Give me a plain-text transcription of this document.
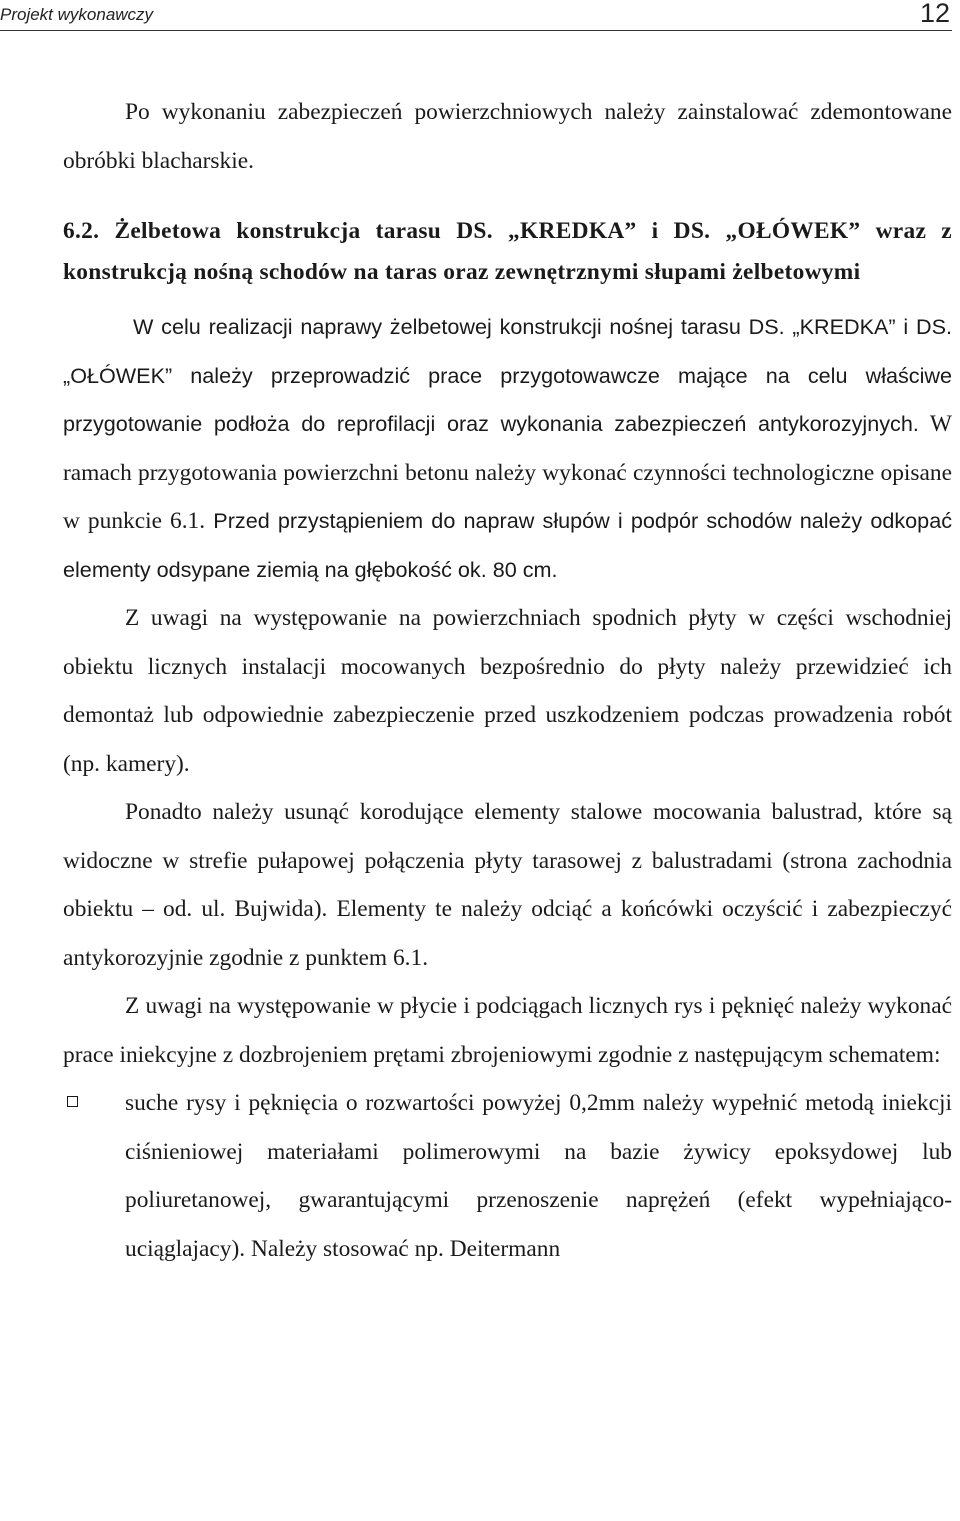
Projekt wykonawczy	12

Po wykonaniu zabezpieczeń powierzchniowych należy zainstalować zdemontowane obróbki blacharskie.

6.2. Żelbetowa konstrukcja tarasu DS. „KREDKA” i DS. „OŁÓWEK” wraz z konstrukcją nośną schodów na taras oraz zewnętrznymi słupami żelbetowymi

W celu realizacji naprawy żelbetowej konstrukcji nośnej tarasu DS. „KREDKA” i DS. „OŁÓWEK” należy przeprowadzić prace przygotowawcze mające na celu właściwe przygotowanie podłoża do reprofilacji oraz wykonania zabezpieczeń antykorozyjnych. W ramach przygotowania powierzchni betonu należy wykonać czynności technologiczne opisane w punkcie 6.1. Przed przystąpieniem do napraw słupów i podpór schodów należy odkopać elementy odsypane ziemią na głębokość ok. 80 cm.

Z uwagi na występowanie na powierzchniach spodnich płyty w części wschodniej obiektu licznych instalacji mocowanych bezpośrednio do płyty należy przewidzieć ich demontaż lub odpowiednie zabezpieczenie przed uszkodzeniem podczas prowadzenia robót (np. kamery).

Ponadto należy usunąć korodujące elementy stalowe mocowania balustrad, które są widoczne w strefie pułapowej połączenia płyty tarasowej z balustradami (strona zachodnia obiektu – od. ul. Bujwida). Elementy te należy odciąć a końcówki oczyścić i zabezpieczyć antykorozyjnie zgodnie z punktem 6.1.

Z uwagi na występowanie w płycie i podciągach licznych rys i pęknięć należy wykonać prace iniekcyjne z dozbrojeniem prętami zbrojeniowymi zgodnie z następującym schematem:

suche rysy i pęknięcia o rozwartości powyżej 0,2mm należy wypełnić metodą iniekcji ciśnieniowej materiałami polimerowymi na bazie żywicy epoksydowej lub poliuretanowej, gwarantującymi przenoszenie naprężeń (efekt wypełniająco-uciąglajacy). Należy stosować np. Deitermann
